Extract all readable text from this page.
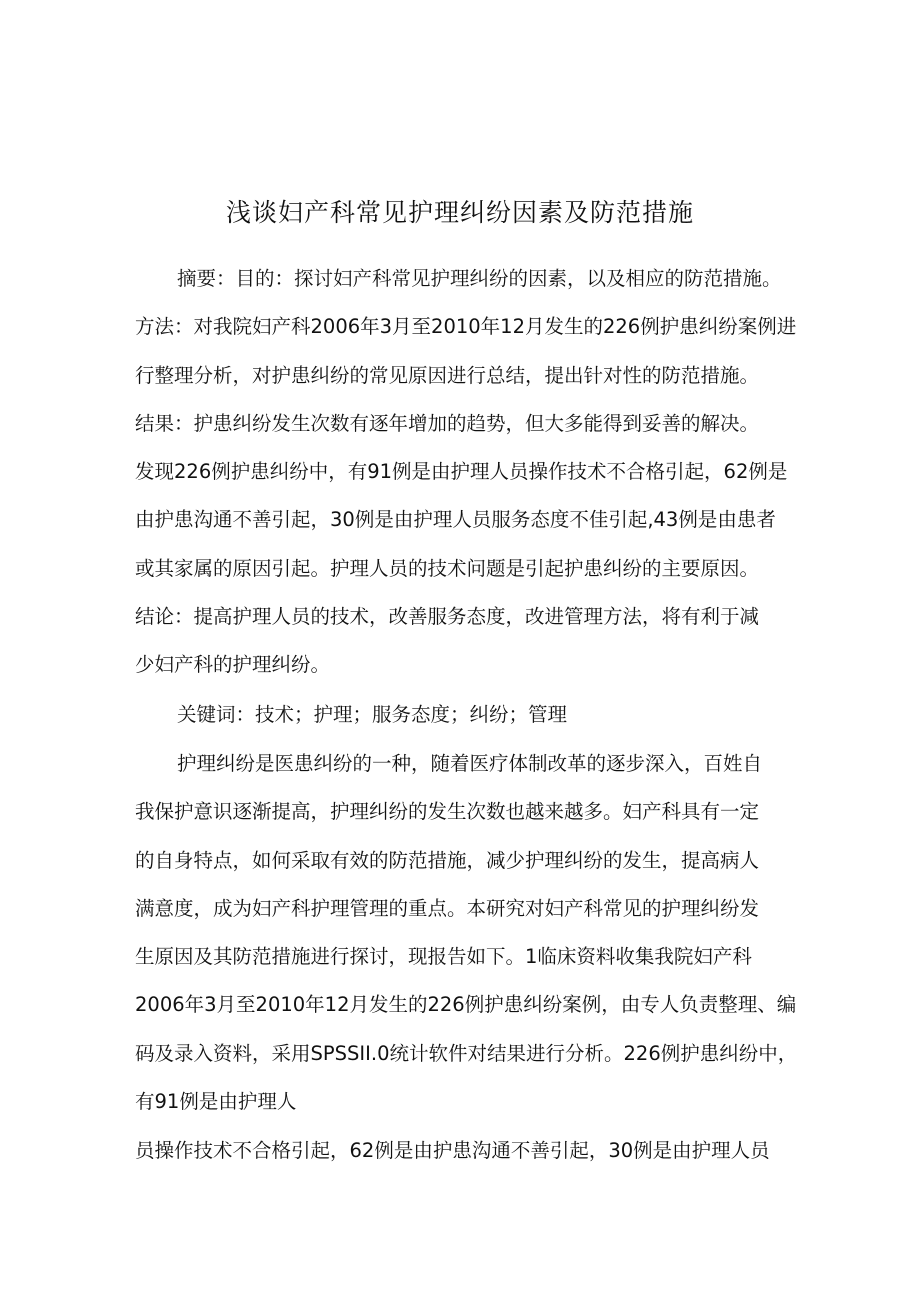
浅谈妇产科常见护理纠纷因素及防范措施
摘要：目的：探讨妇产科常见护理纠纷的因素，以及相应的防范措施。
方法：对我院妇产科2006年3月至2010年12月发生的226例护患纠纷案例进
行整理分析，对护患纠纷的常见原因进行总结，提出针对性的防范措施。
结果：护患纠纷发生次数有逐年增加的趋势，但大多能得到妥善的解决。
发现226例护患纠纷中，有91例是由护理人员操作技术不合格引起，62例是
由护患沟通不善引起，30例是由护理人员服务态度不佳引起,43例是由患者
或其家属的原因引起。护理人员的技术问题是引起护患纠纷的主要原因。
结论：提高护理人员的技术，改善服务态度，改进管理方法，将有利于减
少妇产科的护理纠纷。
关键词：技术；护理；服务态度；纠纷；管理
护理纠纷是医患纠纷的一种，随着医疗体制改革的逐步深入，百姓自
我保护意识逐渐提高，护理纠纷的发生次数也越来越多。妇产科具有一定
的自身特点，如何采取有效的防范措施，减少护理纠纷的发生，提高病人
满意度，成为妇产科护理管理的重点。本研究对妇产科常见的护理纠纷发
生原因及其防范措施进行探讨，现报告如下。1临床资料收集我院妇产科
2006年3月至2010年12月发生的226例护患纠纷案例，由专人负责整理、编
码及录入资料，采用SPSSII.0统计软件对结果进行分析。226例护患纠纷中，
有91例是由护理人
员操作技术不合格引起，62例是由护患沟通不善引起，30例是由护理人员
